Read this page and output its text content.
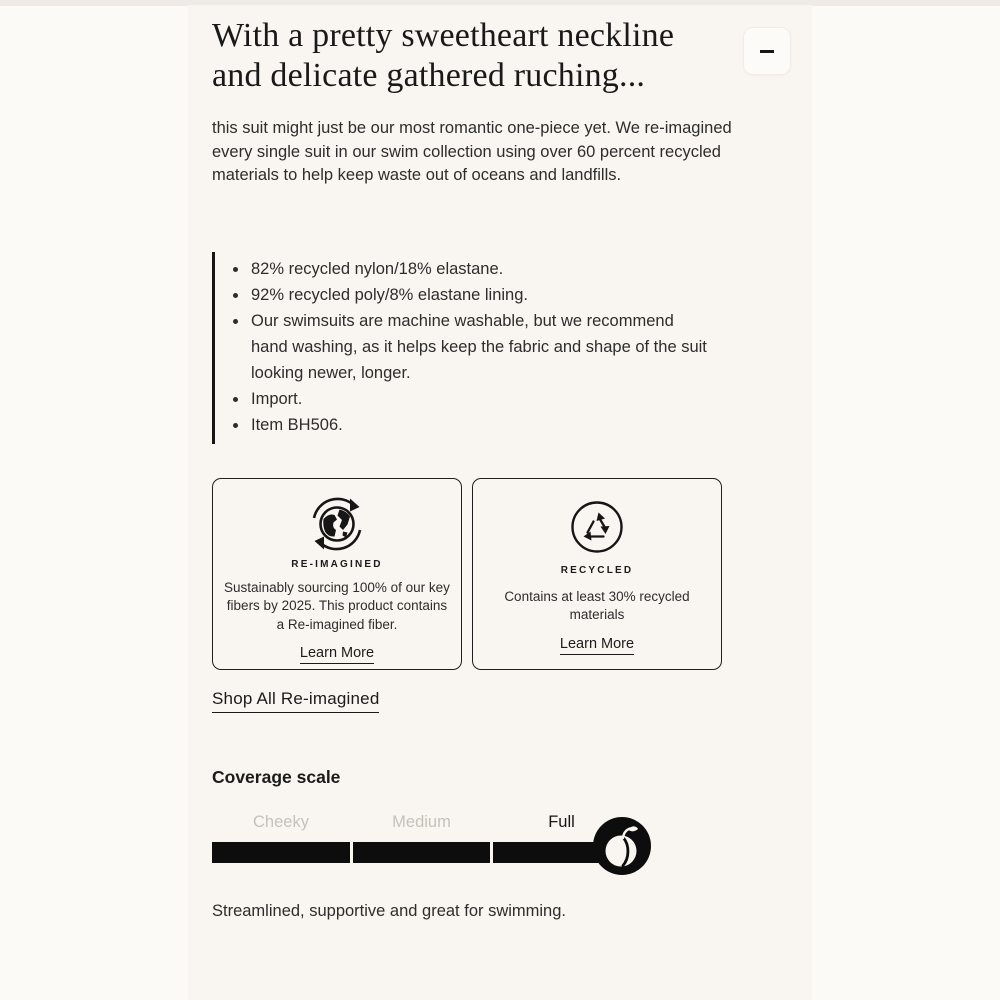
With a pretty sweetheart neckline and delicate gathered ruching...

this suit might just be our most romantic one-piece yet. We re-imagined every single suit in our swim collection using over 60 percent recycled materials to help keep waste out of oceans and landfills.

• 82% recycled nylon/18% elastane.
• 92% recycled poly/8% elastane lining.
• Our swimsuits are machine washable, but we recommend hand washing, as it helps keep the fabric and shape of the suit looking newer, longer.
• Import.
• Item BH506.
RE-IMAGINED
Sustainably sourcing 100% of our key fibers by 2025. This product contains a Re-imagined fiber.
Learn More
RECYCLED
Contains at least 30% recycled materials
Learn More
Shop All Re-imagined
Coverage scale
Cheeky	Medium	Full

Streamlined, supportive and great for swimming.
